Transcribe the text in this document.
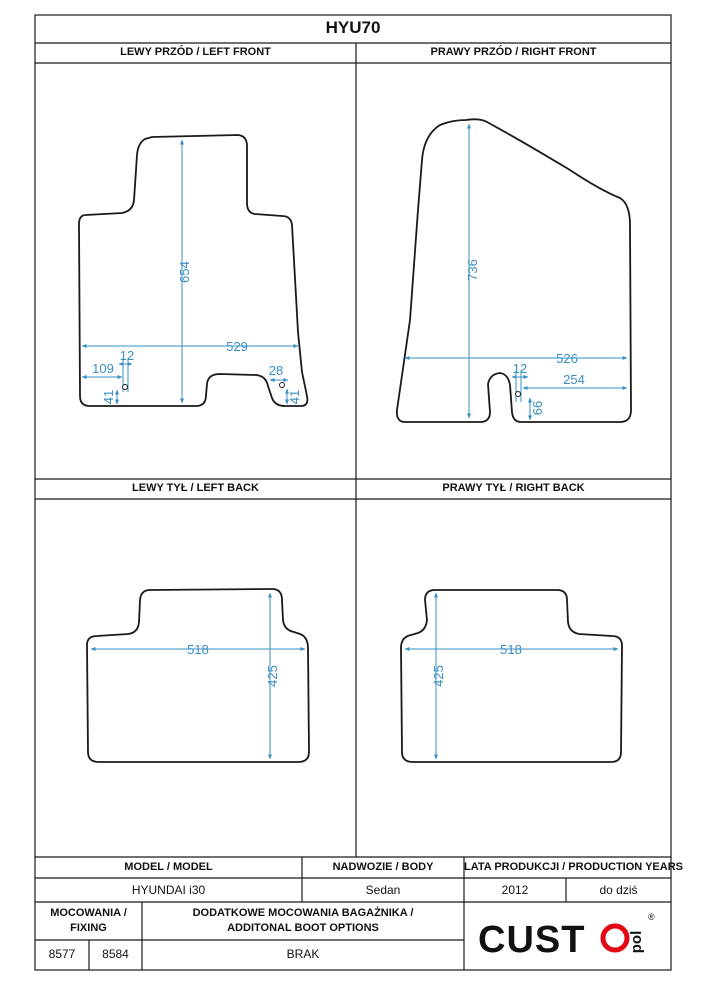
HYU70
LEWY PRZÓD / LEFT FRONT	PRAWY PRZÓD / RIGHT FRONT
LEWY TYŁ / LEFT BACK	PRAWY TYŁ / RIGHT BACK
654
529
109
12
41
28
41
736
526
12
254
66
518
425
518
425
MODEL / MODEL	NADWOZIE / BODY	LATA PRODUKCJI / PRODUCTION YEARS
HYUNDAI i30	Sedan	2012	do dziś
MOCOWANIA /
FIXING
DODATKOWE MOCOWANIA BAGAŻNIKA /
ADDITONAL BOOT OPTIONS
8577	8584	BRAK	CUST	pol
®
